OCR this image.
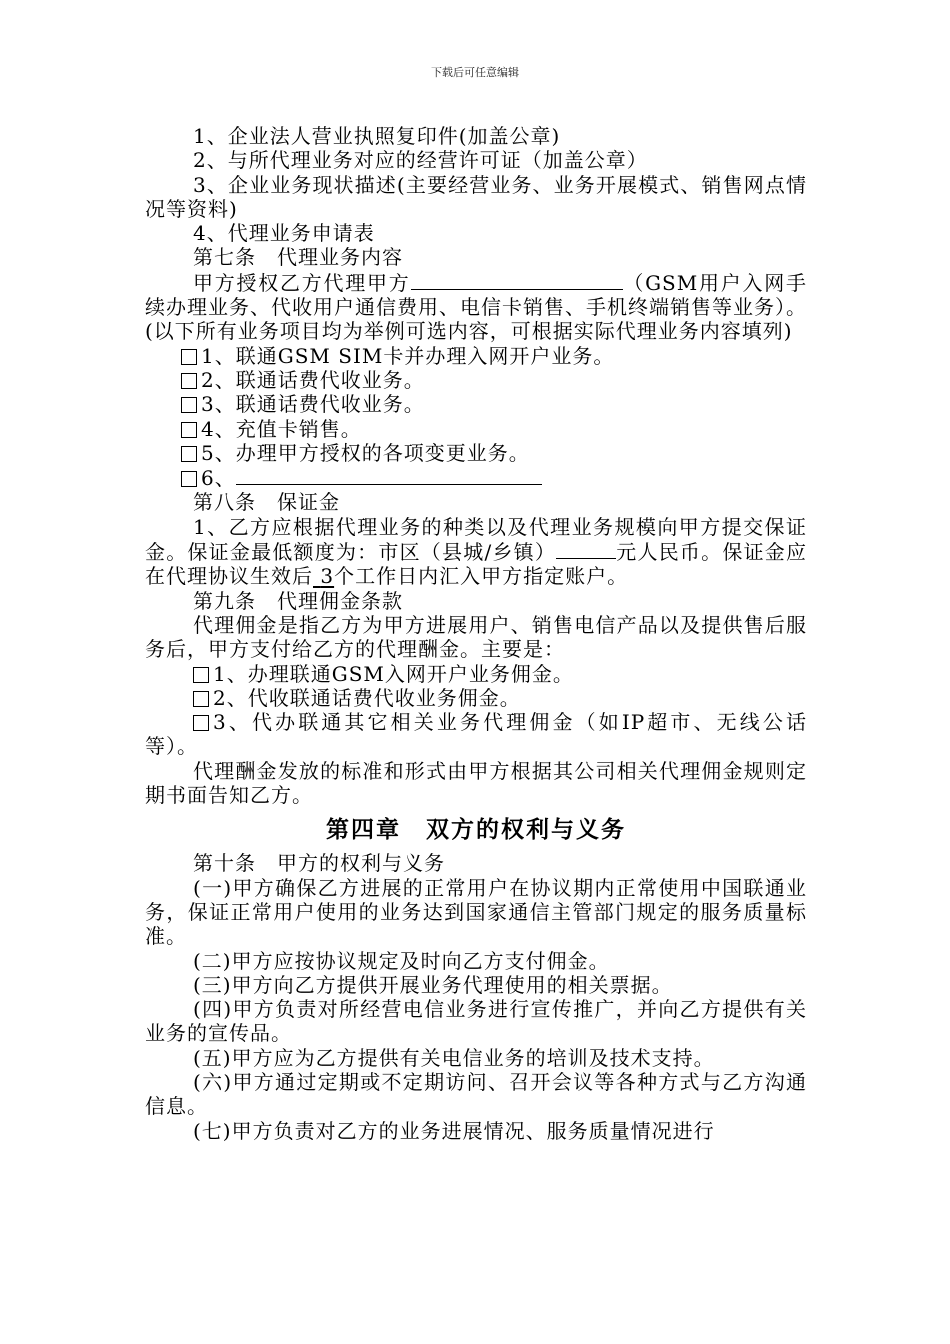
下载后可任意编辑

1、企业法人营业执照复印件(加盖公章)

2、与所代理业务对应的经营许可证（加盖公章）

3、企业业务现状描述(主要经营业务、业务开展模式、销售网点情况等资料)

4、代理业务申请表

第七条　代理业务内容

甲方授权乙方代理甲方	（GSM用户入网手续办理业务、代收用户通信费用、电信卡销售、手机终端销售等业务）。(以下所有业务项目均为举例可选内容，可根据实际代理业务内容填列)

1、联通GSM SIM卡并办理入网开户业务。

2、联通话费代收业务。

3、联通话费代收业务。

4、充值卡销售。

5、办理甲方授权的各项变更业务。

6、

第八条　保证金

1、乙方应根据代理业务的种类以及代理业务规模向甲方提交保证金。保证金最低额度为：市区（县城/乡镇）	元人民币。保证金应在代理协议生效后 3个工作日内汇入甲方指定账户。

第九条　代理佣金条款

代理佣金是指乙方为甲方进展用户、销售电信产品以及提供售后服务后，甲方支付给乙方的代理酬金。主要是：

1、办理联通GSM入网开户业务佣金。

2、代收联通话费代收业务佣金。

3、代办联通其它相关业务代理佣金（如IP超市、无线公话等）。

代理酬金发放的标准和形式由甲方根据其公司相关代理佣金规则定期书面告知乙方。

第四章　双方的权利与义务

第十条　甲方的权利与义务

(一)甲方确保乙方进展的正常用户在协议期内正常使用中国联通业务，保证正常用户使用的业务达到国家通信主管部门规定的服务质量标准。

(二)甲方应按协议规定及时向乙方支付佣金。

(三)甲方向乙方提供开展业务代理使用的相关票据。

(四)甲方负责对所经营电信业务进行宣传推广，并向乙方提供有关业务的宣传品。

(五)甲方应为乙方提供有关电信业务的培训及技术支持。

(六)甲方通过定期或不定期访问、召开会议等各种方式与乙方沟通信息。

(七)甲方负责对乙方的业务进展情况、服务质量情况进行
